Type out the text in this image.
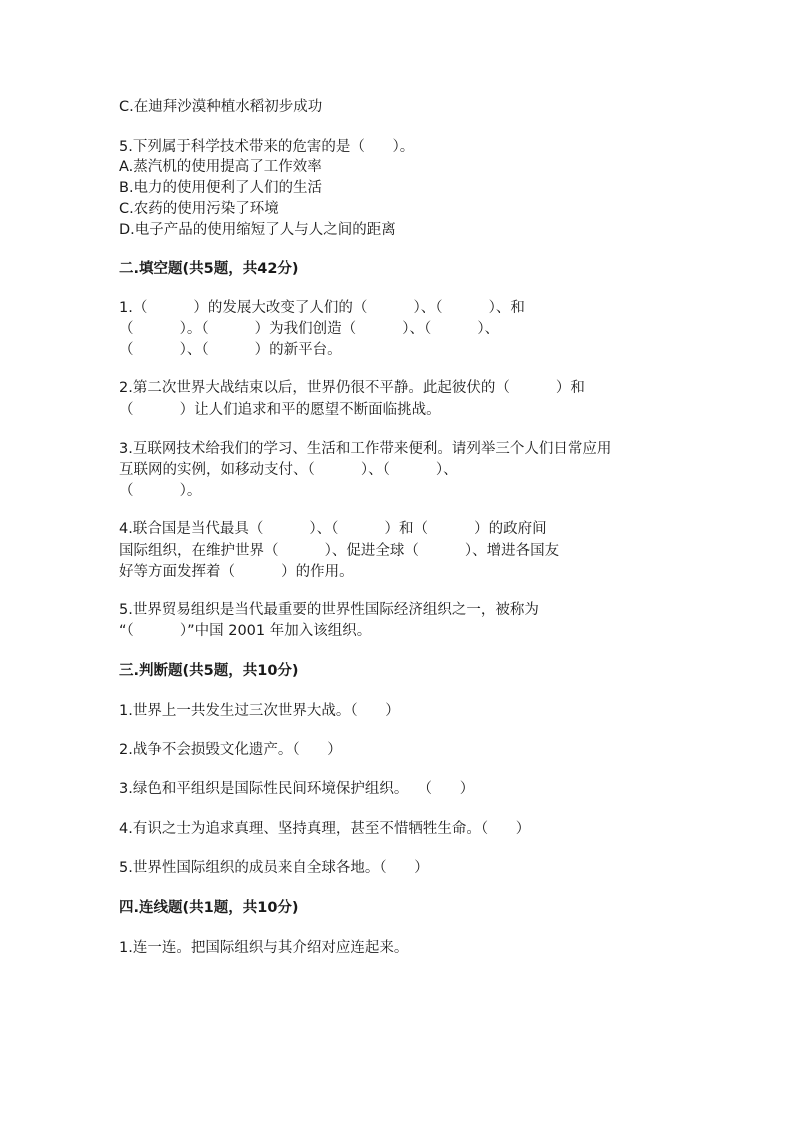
C.在迪拜沙漠种植水稻初步成功
5.下列属于科学技术带来的危害的是（      ）。
A.蒸汽机的使用提高了工作效率
B.电力的使用便利了人们的生活
C.农药的使用污染了环境
D.电子产品的使用缩短了人与人之间的距离
二.填空题(共5题，共42分)
1.（          ）的发展大改变了人们的（          ）、（          ）、和
（          ）。（          ）为我们创造（          ）、（          ）、
（          ）、（          ）的新平台。
2.第二次世界大战结束以后，世界仍很不平静。此起彼伏的（          ）和
（          ）让人们追求和平的愿望不断面临挑战。
3.互联网技术给我们的学习、生活和工作带来便利。请列举三个人们日常应用
互联网的实例，如移动支付、（          ）、（          ）、
（          ）。
4.联合国是当代最具（          ）、（          ）和（          ）的政府间
国际组织，在维护世界（          ）、促进全球（          ）、增进各国友
好等方面发挥着（          ）的作用。
5.世界贸易组织是当代最重要的世界性国际经济组织之一，被称为
“（          ）”中国 2001 年加入该组织。
三.判断题(共5题，共10分)
1.世界上一共发生过三次世界大战。（      ）
2.战争不会损毁文化遗产。（      ）
3.绿色和平组织是国际性民间环境保护组织。  （      ）
4.有识之士为追求真理、坚持真理，甚至不惜牺牲生命。（      ）
5.世界性国际组织的成员来自全球各地。（      ）
四.连线题(共1题，共10分)
1.连一连。把国际组织与其介绍对应连起来。
